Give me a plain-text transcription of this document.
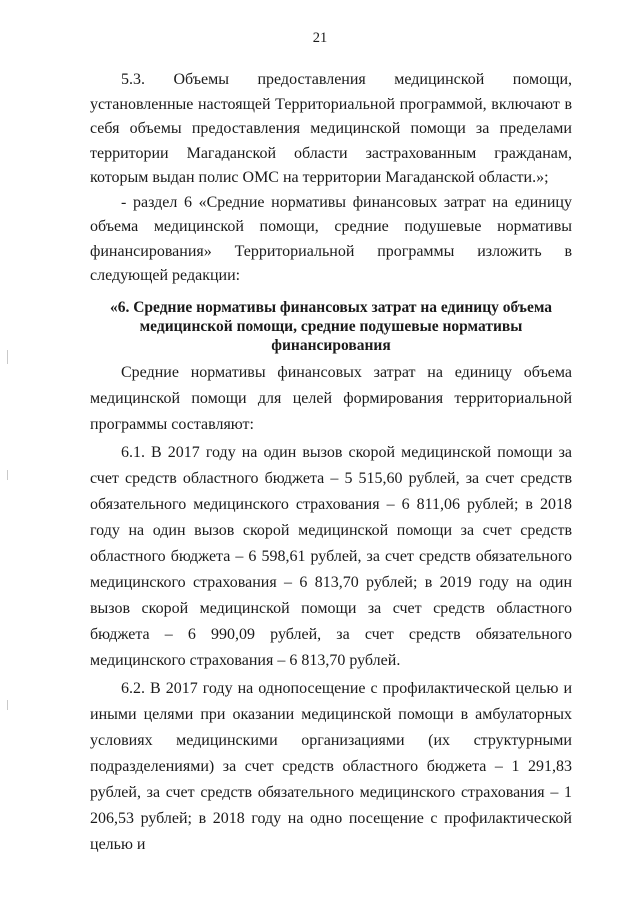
21

5.3. Объемы предоставления медицинской помощи, установленные настоящей Территориальной программой, включают в себя объемы предоставления медицинской помощи за пределами территории Магаданской области застрахованным гражданам, которым выдан полис ОМС на территории Магаданской области.»;

- раздел 6 «Средние нормативы финансовых затрат на единицу объема медицинской помощи, средние подушевые нормативы финансирования» Территориальной программы изложить в следующей редакции:

«6. Средние нормативы финансовых затрат на единицу объема
медицинской помощи, средние подушевые нормативы
финансирования

Средние нормативы финансовых затрат на единицу объема медицинской помощи для целей формирования территориальной программы составляют:

6.1. В 2017 году на один вызов скорой медицинской помощи за счет средств областного бюджета – 5 515,60 рублей, за счет средств обязательного медицинского страхования – 6 811,06 рублей; в 2018 году на один вызов скорой медицинской помощи за счет средств областного бюджета – 6 598,61 рублей, за счет средств обязательного медицинского страхования – 6 813,70 рублей; в 2019 году на один вызов скорой медицинской помощи за счет средств областного бюджета – 6 990,09 рублей, за счет средств обязательного медицинского страхования – 6 813,70 рублей.

6.2. В 2017 году на однопосещение с профилактической целью и иными целями при оказании медицинской помощи в амбулаторных условиях медицинскими организациями (их структурными подразделениями) за счет средств областного бюджета – 1 291,83 рублей, за счет средств обязательного медицинского страхования – 1 206,53 рублей; в 2018 году на одно посещение с профилактической целью и
